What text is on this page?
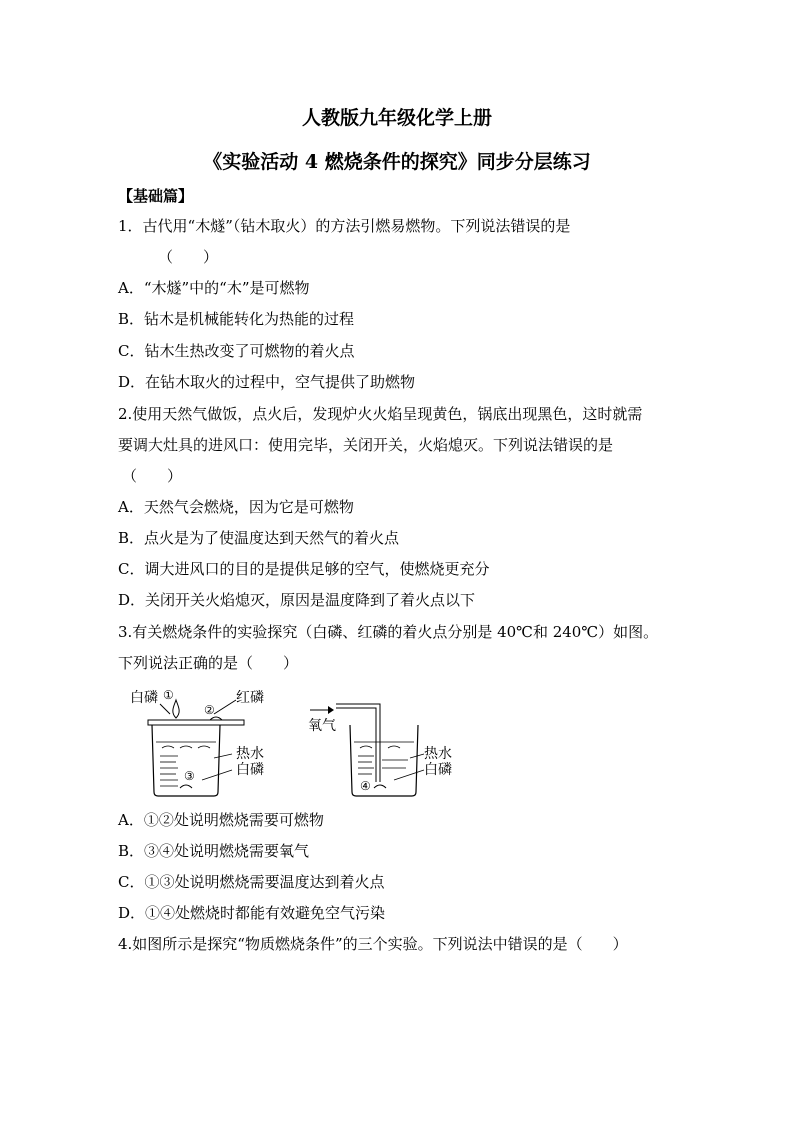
人教版九年级化学上册
《实验活动 4 燃烧条件的探究》同步分层练习
【基础篇】
1．古代用“木燧”（钻木取火）的方法引燃易燃物。下列说法错误的是
（　　）
A．“木燧”中的“木”是可燃物
B．钻木是机械能转化为热能的过程
C．钻木生热改变了可燃物的着火点
D．在钻木取火的过程中，空气提供了助燃物
2.使用天然气做饭，点火后，发现炉火火焰呈现黄色，锅底出现黑色，这时就需
要调大灶具的进风口：使用完毕，关闭开关，火焰熄灭。下列说法错误的是
（　　）
A．天然气会燃烧，因为它是可燃物
B．点火是为了使温度达到天然气的着火点
C．调大进风口的目的是提供足够的空气，使燃烧更充分
D．关闭开关火焰熄灭，原因是温度降到了着火点以下
3.有关燃烧条件的实验探究（白磷、红磷的着火点分别是 40℃和 240℃）如图。
下列说法正确的是（　　）
白磷 ①
②
红磷
③
热水
白磷
氧气
④
热水
白磷
A．①②处说明燃烧需要可燃物
B．③④处说明燃烧需要氧气
C．①③处说明燃烧需要温度达到着火点
D．①④处燃烧时都能有效避免空气污染
4.如图所示是探究“物质燃烧条件”的三个实验。下列说法中错误的是（　　）
